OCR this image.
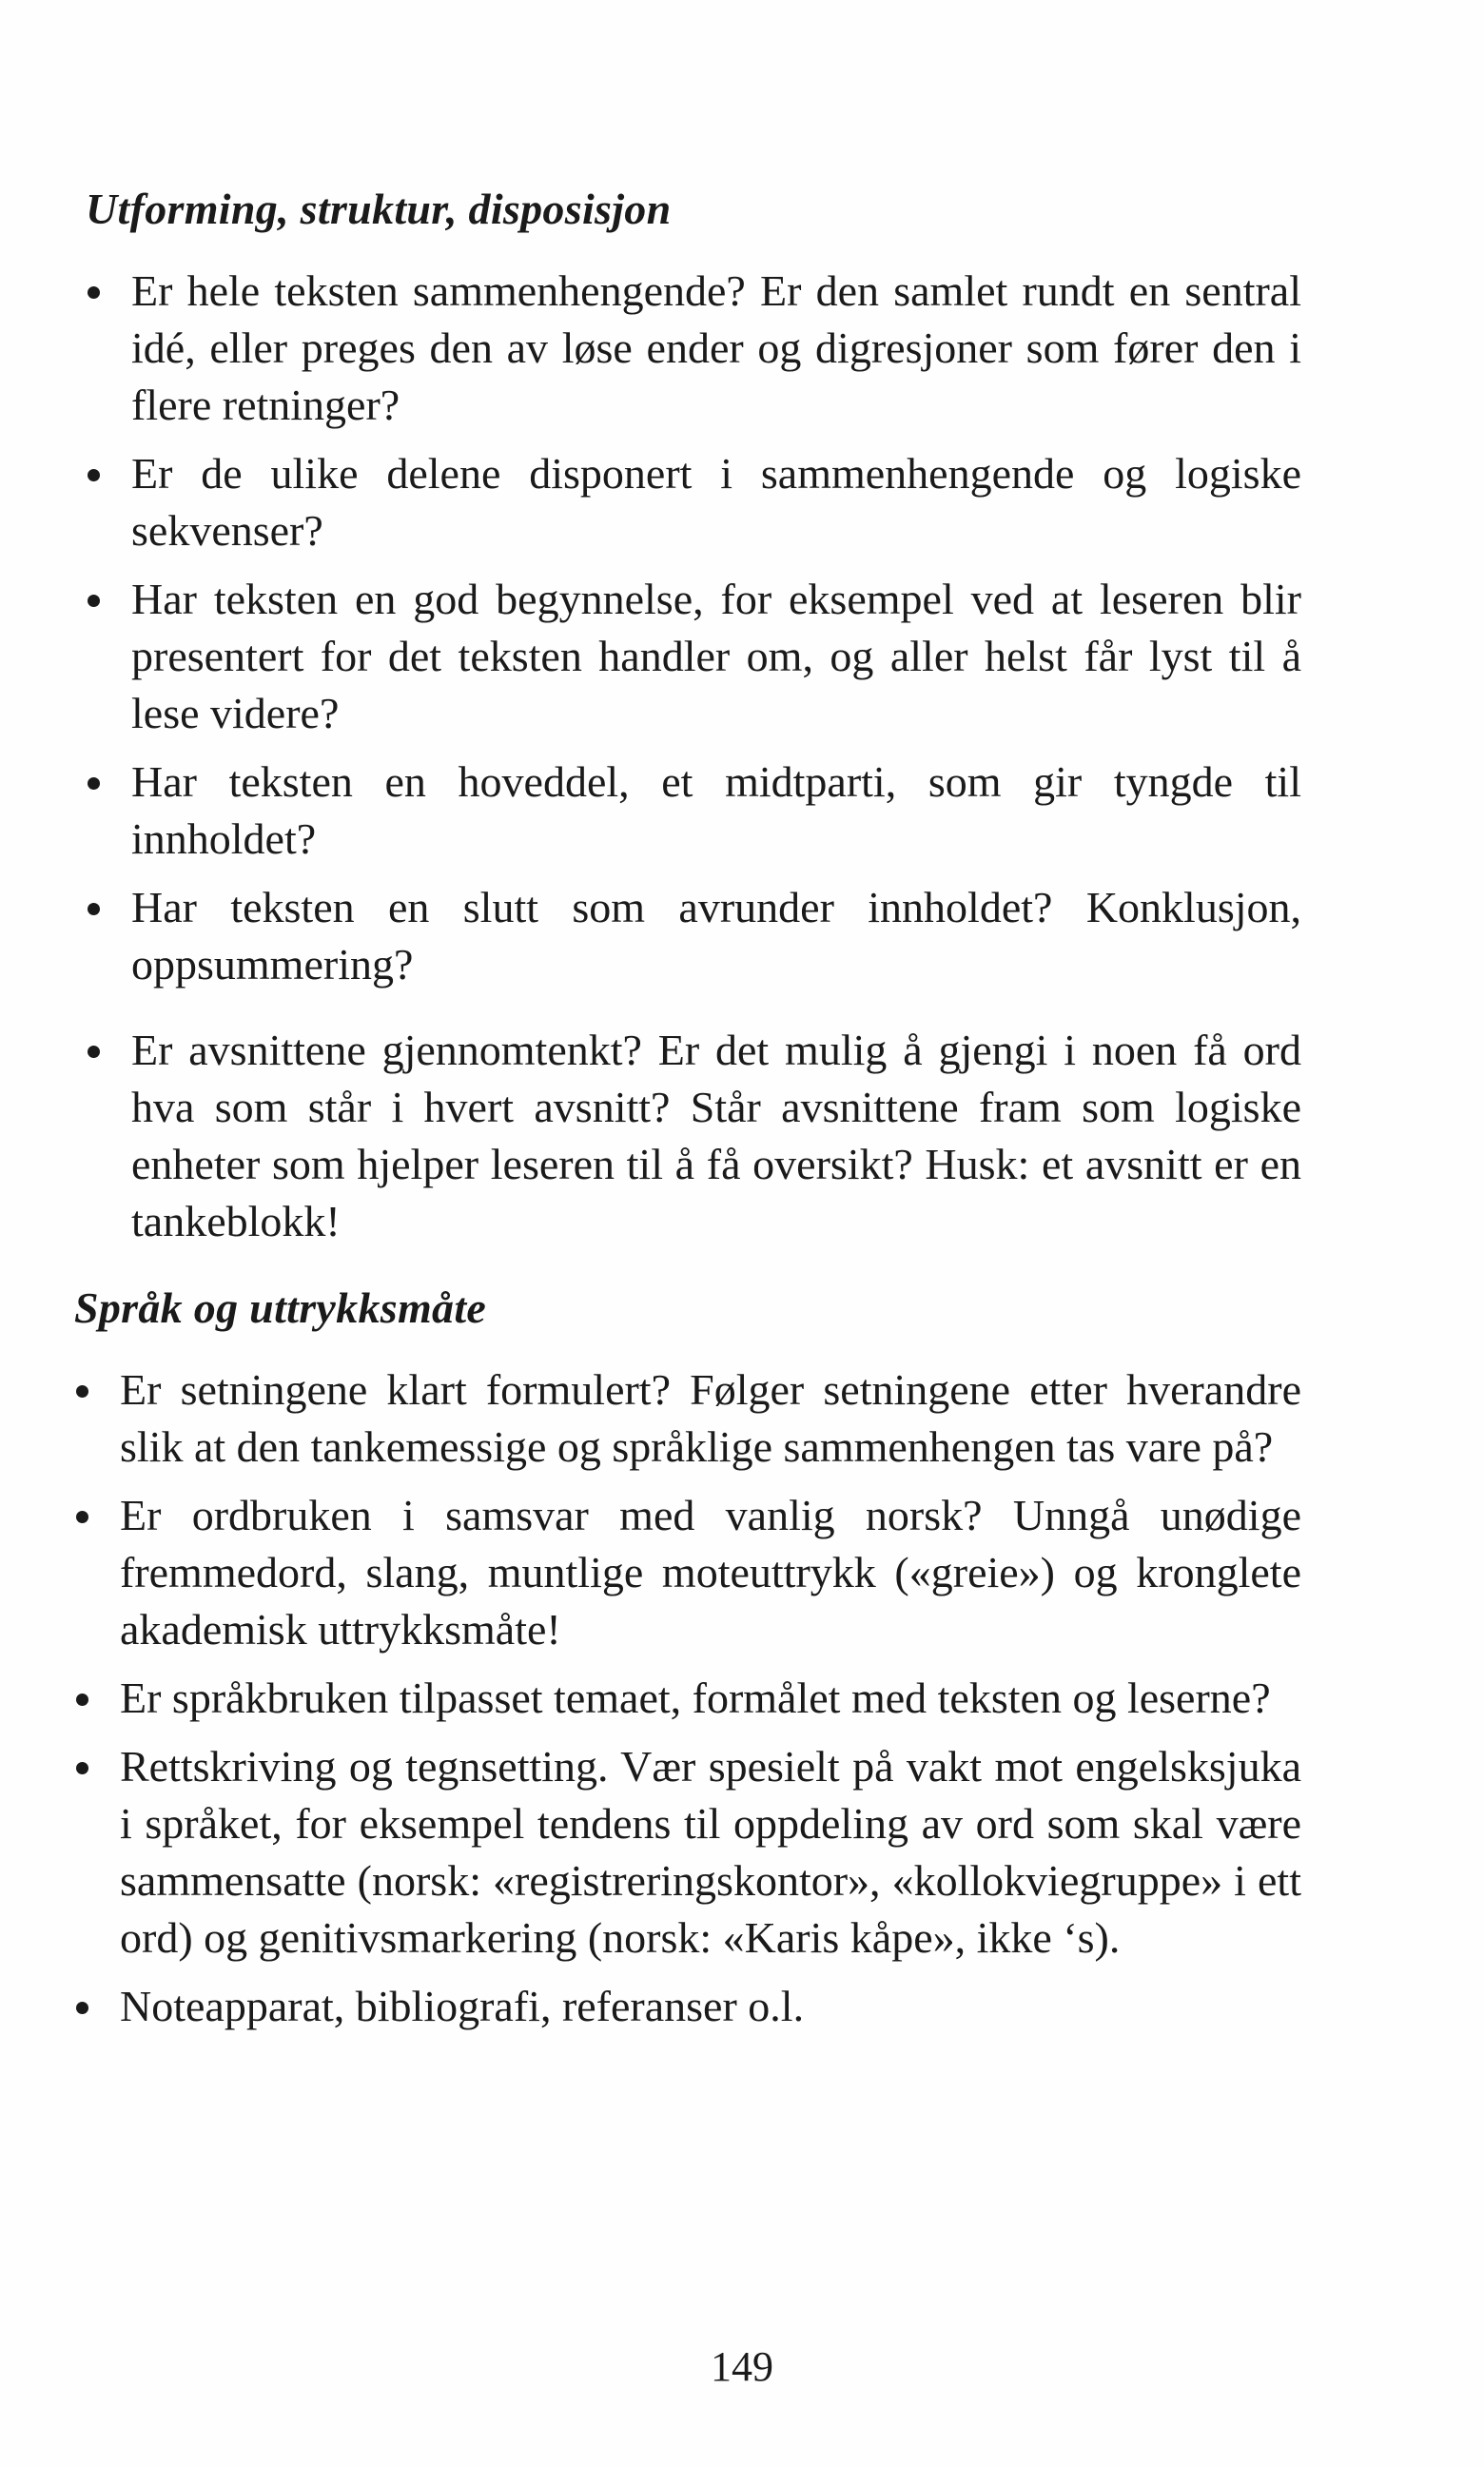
Utforming, struktur, disposisjon
Er hele teksten sammenhengende? Er den samlet rundt en sentral idé, eller preges den av løse ender og digresjoner som fører den i flere retninger?
Er de ulike delene disponert i sammenhengende og logiske sekvenser?
Har teksten en god begynnelse, for eksempel ved at leseren blir presentert for det teksten handler om, og aller helst får lyst til å lese videre?
Har teksten en hoveddel, et midtparti, som gir tyngde til innholdet?
Har teksten en slutt som avrunder innholdet? Konklusjon, oppsummering?
Er avsnittene gjennomtenkt? Er det mulig å gjengi i noen få ord hva som står i hvert avsnitt? Står avsnittene fram som logiske enheter som hjelper leseren til å få oversikt? Husk: et avsnitt er en tankeblokk!
Språk og uttrykksmåte
Er setningene klart formulert? Følger setningene etter hverandre slik at den tankemessige og språklige sammenhengen tas vare på?
Er ordbruken i samsvar med vanlig norsk? Unngå unødige fremmedord, slang, muntlige moteuttrykk («greie») og kronglete akademisk uttrykksmåte!
Er språkbruken tilpasset temaet, formålet med teksten og leserne?
Rettskriving og tegnsetting. Vær spesielt på vakt mot engelsksjuka i språket, for eksempel tendens til oppdeling av ord som skal være sammensatte (norsk: «registreringskontor», «kollokviegruppe» i ett ord) og genitivsmarkering (norsk: «Karis kåpe», ikke ‘s).
Noteapparat, bibliografi, referanser o.l.
149
